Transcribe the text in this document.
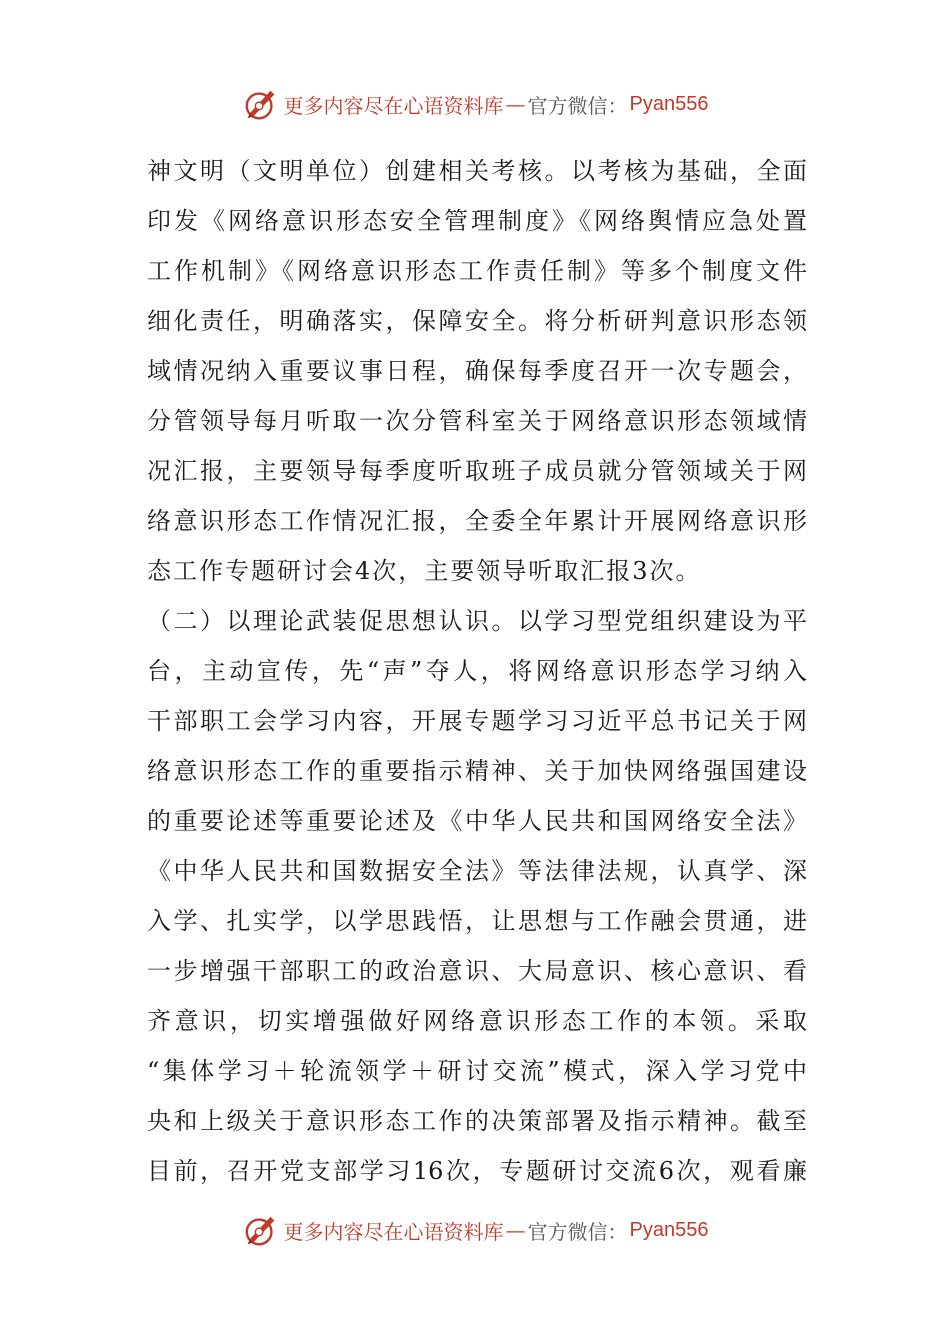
更多内容尽在心语资料库 — 官方微信： Pyan556
神文明（文明单位）创建相关考核。以考核为基础，全面
印发《网络意识形态安全管理制度》《网络舆情应急处置
工作机制》《网络意识形态工作责任制》等多个制度文件
细化责任，明确落实，保障安全。将分析研判意识形态领
域情况纳入重要议事日程，确保每季度召开一次专题会，
分管领导每月听取一次分管科室关于网络意识形态领域情
况汇报，主要领导每季度听取班子成员就分管领域关于网
络意识形态工作情况汇报，全委全年累计开展网络意识形
态工作专题研讨会4次，主要领导听取汇报3次。
（二）以理论武装促思想认识。以学习型党组织建设为平
台，主动宣传，先“声”夺人，将网络意识形态学习纳入
干部职工会学习内容，开展专题学习习近平总书记关于网
络意识形态工作的重要指示精神、关于加快网络强国建设
的重要论述等重要论述及《中华人民共和国网络安全法》
《中华人民共和国数据安全法》等法律法规，认真学、深
入学、扎实学，以学思践悟，让思想与工作融会贯通，进
一步增强干部职工的政治意识、大局意识、核心意识、看
齐意识，切实增强做好网络意识形态工作的本领。采取
“集体学习＋轮流领学＋研讨交流”模式，深入学习党中
央和上级关于意识形态工作的决策部署及指示精神。截至
目前，召开党支部学习16次，专题研讨交流6次，观看廉
更多内容尽在心语资料库 — 官方微信： Pyan556
